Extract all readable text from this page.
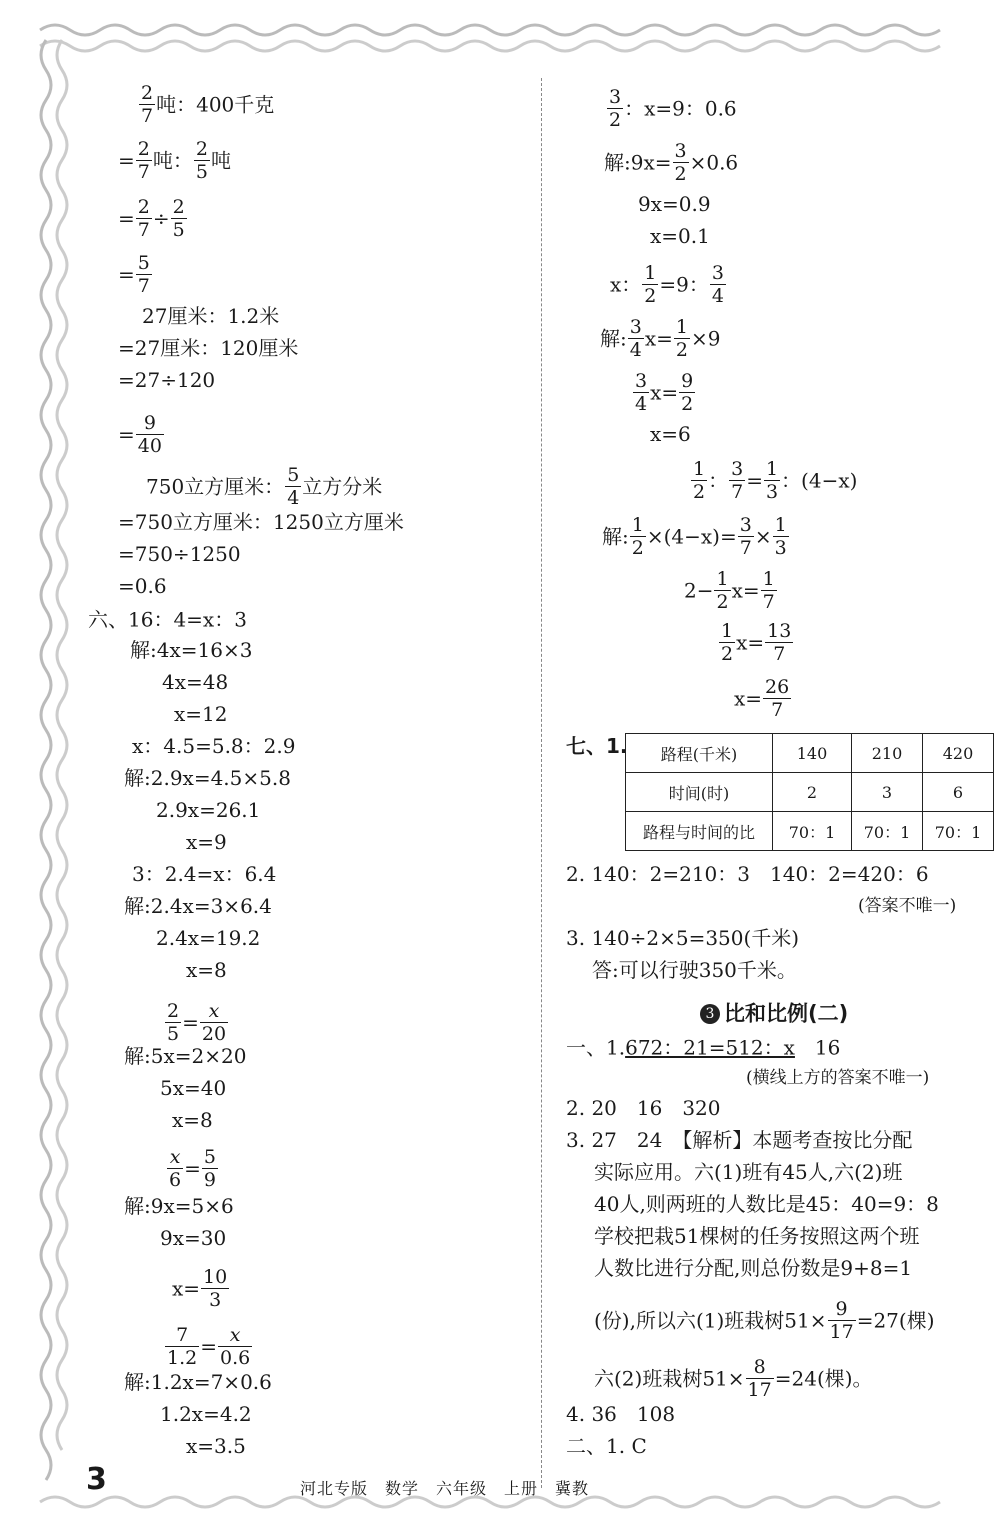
$\frac{2}{7}$ 吨：400千克
= $\frac{2}{7}$ 吨： $\frac{2}{5}$ 吨
= $\frac{2}{7} \div \frac{2}{5}$
= $\frac{5}{7}$
27厘米：1.2米
=27厘米：120厘米
=27÷120
= $\frac{9}{40}$
750立方厘米： $\frac{5}{4}$ 立方分米
=750立方厘米：1250立方厘米
=750÷1250
=0.6
六、16：4=x：3
解:4x=16×3
4x=48
x=12
x：4.5=5.8：2.9
解:2.9x=4.5×5.8
2.9x=26.1
x=9
3：2.4=x：6.4
解:2.4x=3×6.4
2.4x=19.2
x=8
$\frac{2}{5} = \frac{x}{20}$
解:5x=2×20
5x=40
x=8
$\frac{x}{6} = \frac{5}{9}$
解:9x=5×6
9x=30
$x= \frac{10}{3}$
$\frac{7}{1.2} = \frac{x}{0.6}$
解:1.2x=7×0.6
1.2x=4.2
x=3.5
$\frac{3}{2}$ ：x=9：0.6
解:9x= $\frac{3}{2} \times 0.6$
9x=0.9
x=0.1
x： $\frac{1}{2} =9$： $\frac{3}{4}$
解: $\frac{3}{4} x= \frac{1}{2} \times 9$
$\frac{3}{4} x= \frac{9}{2}$
x=6
$\frac{1}{2}$ ： $\frac{3}{7} = \frac{1}{3}$ ：(4−x)
解: $\frac{1}{2} \times(4-x)= \frac{3}{7} \times \frac{1}{3}$
$2- \frac{1}{2} x= \frac{1}{7}$
$\frac{1}{2} x= \frac{13}{7}$
$x= \frac{26}{7}$
七、1. 路程(千米)	140	210	420
时间(时)	2	3	6
路程与时间的比	70：1	70：1	70：1
2. 140：2=210：3　140：2=420：6
(答案不唯一)
3. 140÷2×5=350(千米)
答:可以行驶350千米。
3 比和比例(二)
一、1.672：21=512：x　16
(横线上方的答案不唯一)
2. 20　16　320
3. 27　24　【解析】本题考查按比分配
实际应用。六(1)班有45人,六(2)班
40人,则两班的人数比是45：40=9：8
学校把栽51棵树的任务按照这两个班
人数比进行分配,则总份数是9+8=1
(份),所以六(1)班栽树$51\times \frac{9}{17} =27$(棵)
六(2)班栽树$51\times \frac{8}{17} =24$(棵)。
4. 36　108
二、1. C
3	河北专版　数学　六年级　上册　冀教
